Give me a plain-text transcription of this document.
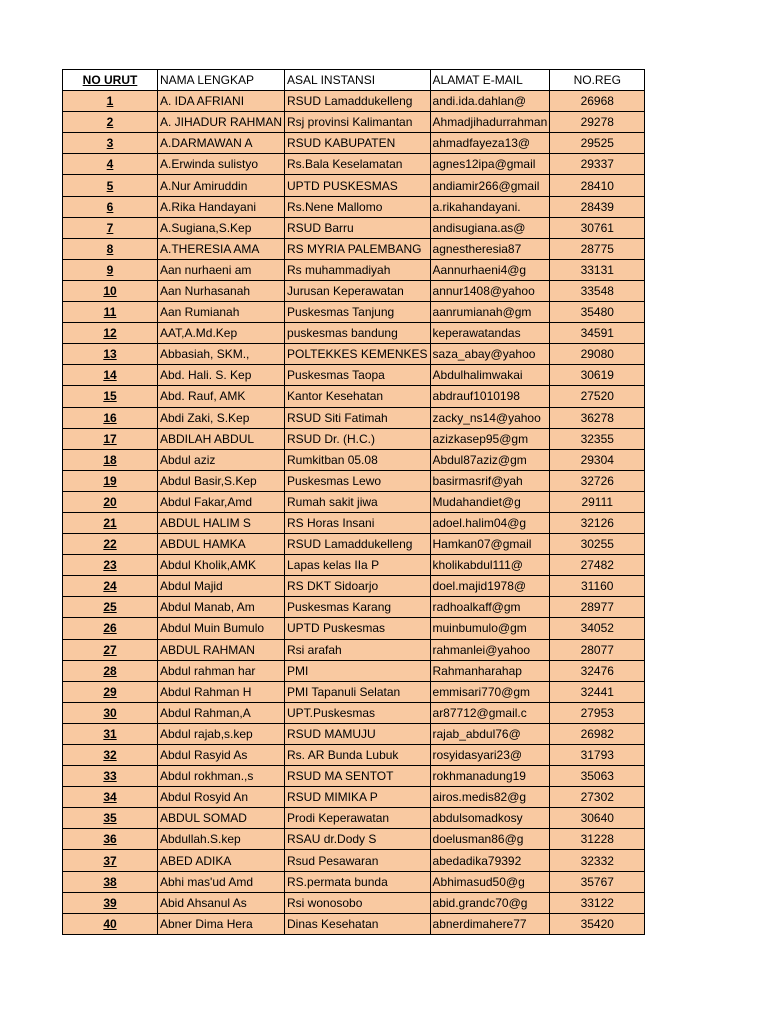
NO URUT	NAMA LENGKAP	ASAL INSTANSI	ALAMAT E-MAIL	NO.REG
1	A. IDA AFRIANI	RSUD Lamaddukelleng	andi.ida.dahlan@	26968
2	A. JIHADUR RAHMAN	Rsj provinsi Kalimantan	Ahmadjihadurrahman	29278
3	A.DARMAWAN A	RSUD KABUPATEN	ahmadfayeza13@	29525
4	A.Erwinda sulistyo	Rs.Bala Keselamatan	agnes12ipa@gmail	29337
5	A.Nur Amiruddin	UPTD PUSKESMAS	andiamir266@gmail	28410
6	A.Rika Handayani	Rs.Nene Mallomo	a.rikahandayani.	28439
7	A.Sugiana,S.Kep	RSUD Barru	andisugiana.as@	30761
8	A.THERESIA AMA	RS MYRIA PALEMBANG	agnestheresia87	28775
9	Aan nurhaeni am	Rs muhammadiyah	Aannurhaeni4@g	33131
10	Aan Nurhasanah	Jurusan Keperawatan	annur1408@yahoo	33548
11	Aan Rumianah	Puskesmas Tanjung	aanrumianah@gm	35480
12	AAT,A.Md.Kep	puskesmas bandung	keperawatandas	34591
13	Abbasiah, SKM.,	POLTEKKES KEMENKES	saza_abay@yahoo	29080
14	Abd. Hali. S. Kep	Puskesmas Taopa	Abdulhalimwakai	30619
15	Abd. Rauf, AMK	Kantor Kesehatan	abdrauf1010198	27520
16	Abdi Zaki, S.Kep	RSUD Siti Fatimah	zacky_ns14@yahoo	36278
17	ABDILAH ABDUL	RSUD Dr. (H.C.)	azizkasep95@gm	32355
18	Abdul aziz	Rumkitban 05.08	Abdul87aziz@gm	29304
19	Abdul Basir,S.Kep	Puskesmas Lewo	basirmasrif@yah	32726
20	Abdul Fakar,Amd	Rumah sakit jiwa	Mudahandiet@g	29111
21	ABDUL HALIM S	RS Horas Insani	adoel.halim04@g	32126
22	ABDUL HAMKA	RSUD Lamaddukelleng	Hamkan07@gmail	30255
23	Abdul Kholik,AMK	Lapas kelas IIa P	kholikabdul111@	27482
24	Abdul Majid	RS DKT Sidoarjo	doel.majid1978@	31160
25	Abdul Manab, Am	Puskesmas Karang	radhoalkaff@gm	28977
26	Abdul Muin Bumulo	UPTD Puskesmas	muinbumulo@gm	34052
27	ABDUL RAHMAN	Rsi arafah	rahmanlei@yahoo	28077
28	Abdul rahman har	PMI	Rahmanharahap	32476
29	Abdul Rahman H	PMI Tapanuli Selatan	emmisari770@gm	32441
30	Abdul Rahman,A	UPT.Puskesmas	ar87712@gmail.c	27953
31	Abdul rajab,s.kep	RSUD MAMUJU	rajab_abdul76@	26982
32	Abdul Rasyid As	Rs. AR Bunda Lubuk	rosyidasyari23@	31793
33	Abdul rokhman.,s	RSUD MA SENTOT	rokhmanadung19	35063
34	Abdul Rosyid An	RSUD MIMIKA P	airos.medis82@g	27302
35	ABDUL SOMAD	Prodi Keperawatan	abdulsomadkosy	30640
36	Abdullah.S.kep	RSAU dr.Dody S	doelusman86@g	31228
37	ABED ADIKA	Rsud Pesawaran	abedadika79392	32332
38	Abhi mas'ud Amd	RS.permata bunda	Abhimasud50@g	35767
39	Abid Ahsanul As	Rsi wonosobo	abid.grandc70@g	33122
40	Abner Dima Hera	Dinas Kesehatan	abnerdimahere77	35420
